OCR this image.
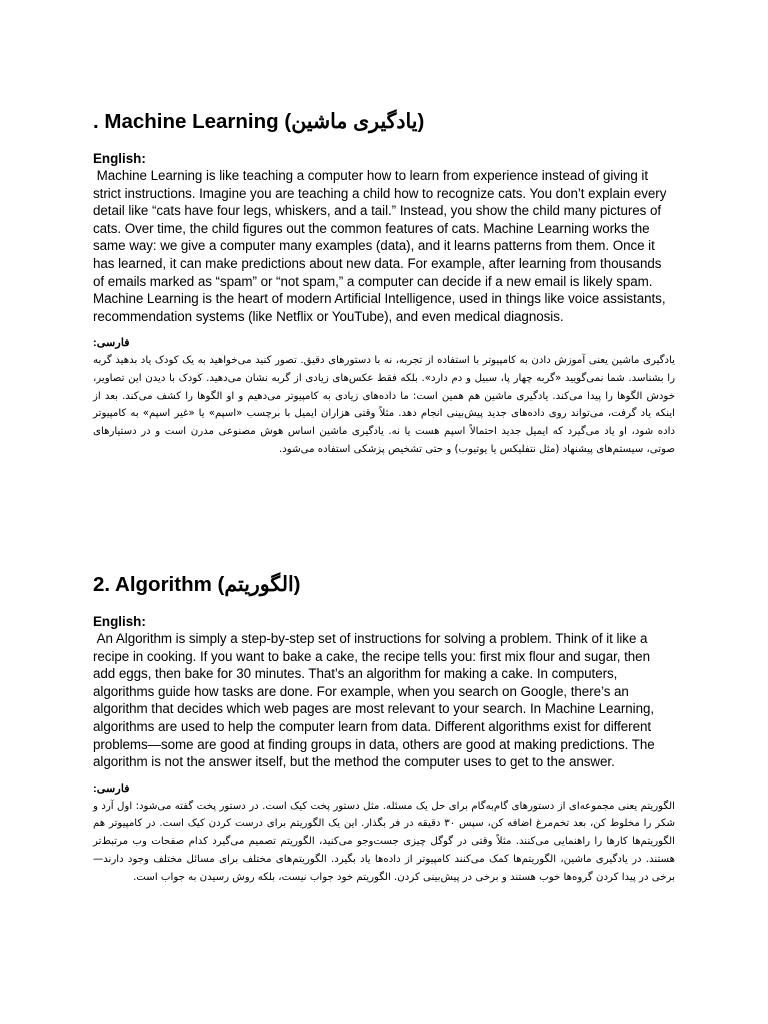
. Machine Learning (یادگیری ماشین)
English:

Machine Learning is like teaching a computer how to learn from experience instead of giving it strict instructions. Imagine you are teaching a child how to recognize cats. You don’t explain every detail like “cats have four legs, whiskers, and a tail.” Instead, you show the child many pictures of cats. Over time, the child figures out the common features of cats. Machine Learning works the same way: we give a computer many examples (data), and it learns patterns from them. Once it has learned, it can make predictions about new data. For example, after learning from thousands of emails marked as “spam” or “not spam,” a computer can decide if a new email is likely spam. Machine Learning is the heart of modern Artificial Intelligence, used in things like voice assistants, recommendation systems (like Netflix or YouTube), and even medical diagnosis.

فارسی:

یادگیری ماشین یعنی آموزش دادن به کامپیوتر با استفاده از تجربه، نه با دستورهای دقیق. تصور کنید می‌خواهید به یک کودک یاد بدهید گربه را بشناسد. شما نمی‌گویید «گربه چهار پا، سبیل و دم دارد». بلکه فقط عکس‌های زیادی از گربه نشان می‌دهید. کودک با دیدن این تصاویر، خودش الگوها را پیدا می‌کند. یادگیری ماشین هم همین است: ما داده‌های زیادی به کامپیوتر می‌دهیم و او الگوها را کشف می‌کند. بعد از اینکه یاد گرفت، می‌تواند روی داده‌های جدید پیش‌بینی انجام دهد. مثلاً وقتی هزاران ایمیل با برچسب «اسپم» یا «غیر اسپم» به کامپیوتر داده شود، او یاد می‌گیرد که ایمیل جدید احتمالاً اسپم هست یا نه. یادگیری ماشین اساس هوش مصنوعی مدرن است و در دستیارهای صوتی، سیستم‌های پیشنهاد (مثل نتفلیکس یا یوتیوب) و حتی تشخیص پزشکی استفاده می‌شود.

2. Algorithm (الگوریتم)
English:

An Algorithm is simply a step-by-step set of instructions for solving a problem. Think of it like a recipe in cooking. If you want to bake a cake, the recipe tells you: first mix flour and sugar, then add eggs, then bake for 30 minutes. That’s an algorithm for making a cake. In computers, algorithms guide how tasks are done. For example, when you search on Google, there’s an algorithm that decides which web pages are most relevant to your search. In Machine Learning, algorithms are used to help the computer learn from data. Different algorithms exist for different problems—some are good at finding groups in data, others are good at making predictions. The algorithm is not the answer itself, but the method the computer uses to get to the answer.

فارسی:

الگوریتم یعنی مجموعه‌ای از دستورهای گام‌به‌گام برای حل یک مسئله. مثل دستور پخت کیک است. در دستور پخت گفته می‌شود: اول آرد و شکر را مخلوط کن، بعد تخم‌مرغ اضافه کن، سپس ۳۰ دقیقه در فر بگذار. این یک الگوریتم برای درست کردن کیک است. در کامپیوتر هم الگوریتم‌ها کارها را راهنمایی می‌کنند. مثلاً وقتی در گوگل چیزی جست‌وجو می‌کنید، الگوریتم تصمیم می‌گیرد کدام صفحات وب مرتبط‌تر هستند. در یادگیری ماشین، الگوریتم‌ها کمک می‌کنند کامپیوتر از داده‌ها یاد بگیرد. الگوریتم‌های مختلف برای مسائل مختلف وجود دارند—برخی در پیدا کردن گروه‌ها خوب هستند و برخی در پیش‌بینی کردن. الگوریتم خود جواب نیست، بلکه روش رسیدن به جواب است.
